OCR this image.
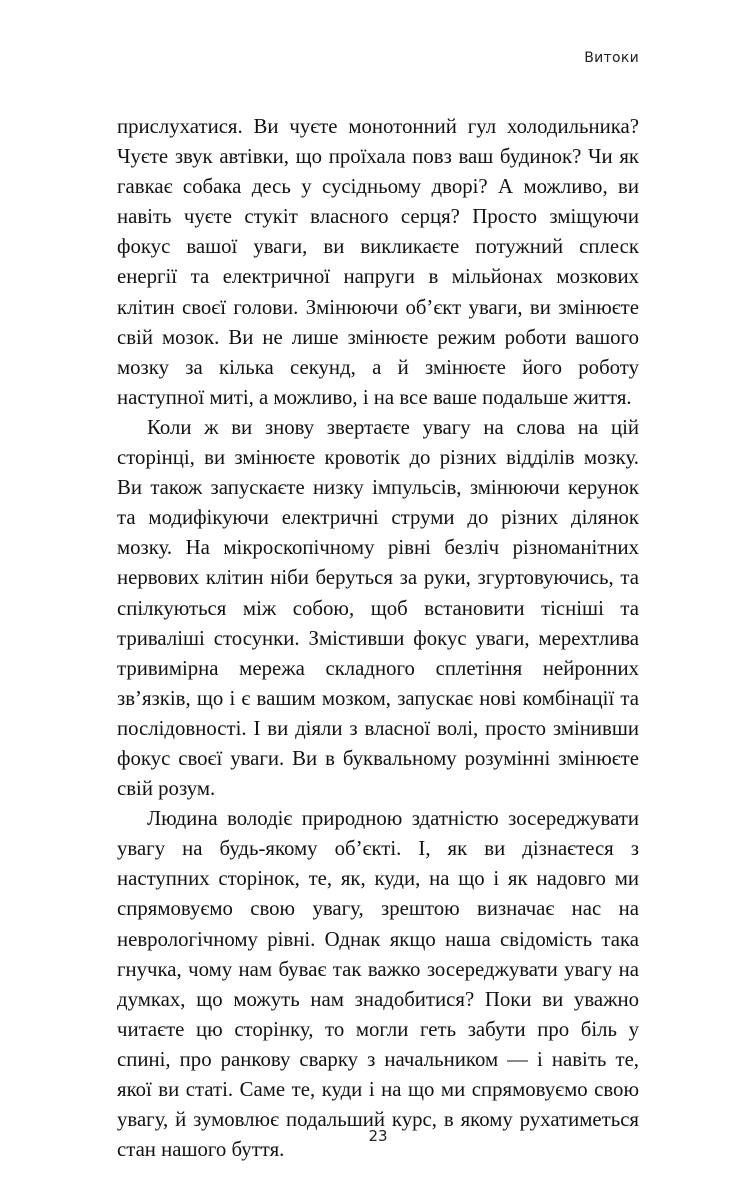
Витоки

прислухатися. Ви чуєте монотонний гул холодильника? Чуєте звук автівки, що проїхала повз ваш будинок? Чи як гавкає собака десь у сусідньому дворі? А можливо, ви навіть чуєте стукіт власного серця? Просто зміщуючи фокус вашої уваги, ви викликаєте потужний сплеск енергії та електричної напруги в мільйонах мозкових клітин своєї голови. Змінюючи об’єкт уваги, ви змінюєте свій мозок. Ви не лише змінюєте режим роботи вашого мозку за кілька секунд, а й змінюєте його роботу наступної миті, а можливо, і на все ваше подальше життя.

Коли ж ви знову звертаєте увагу на слова на цій сторінці, ви змінюєте кровотік до різних відділів мозку. Ви також запускаєте низку імпульсів, змінюючи керунок та модифікуючи електричні струми до різних ділянок мозку. На мікроскопічному рівні безліч різноманітних нервових клітин ніби беруться за руки, згуртовуючись, та спілкуються між собою, щоб встановити тісніші та триваліші стосунки. Змістивши фокус уваги, мерехтлива тривимірна мережа складного сплетіння нейронних зв’язків, що і є вашим мозком, запускає нові комбінації та послідовності. І ви діяли з власної волі, просто змінивши фокус своєї уваги. Ви в буквальному розумінні змінюєте свій розум.

Людина володіє природною здатністю зосереджувати увагу на будь-якому об’єкті. І, як ви дізнаєтеся з наступних сторінок, те, як, куди, на що і як надовго ми спрямовуємо свою увагу, зрештою визначає нас на неврологічному рівні. Однак якщо наша свідомість така гнучка, чому нам буває так важко зосереджувати увагу на думках, що можуть нам знадобитися? Поки ви уважно читаєте цю сторінку, то могли геть забути про біль у спині, про ранкову сварку з начальником — і навіть те, якої ви статі. Саме те, куди і на що ми спрямовуємо свою увагу, й зумовлює подальший курс, в якому рухатиметься стан нашого буття.

23
